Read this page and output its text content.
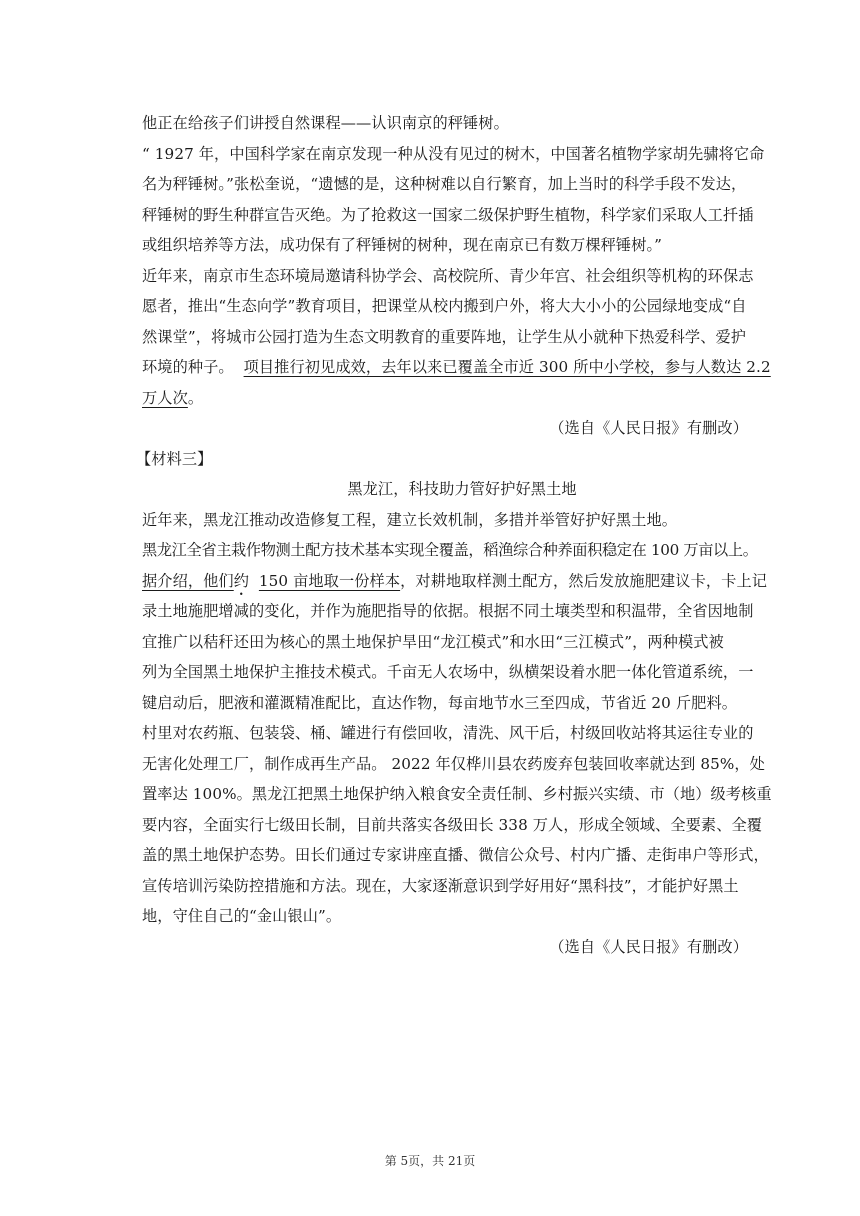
他正在给孩子们讲授自然课程——认识南京的秤锤树。
“ 1927 年，中国科学家在南京发现一种从没有见过的树木，中国著名植物学家胡先骕将它命
名为秤锤树。”张松奎说，“遗憾的是，这种树难以自行繁育，加上当时的科学手段不发达，
秤锤树的野生种群宣告灭绝。为了抢救这一国家二级保护野生植物，科学家们采取人工扦插
或组织培养等方法，成功保有了秤锤树的树种，现在南京已有数万棵秤锤树。”
近年来，南京市生态环境局邀请科协学会、高校院所、青少年宫、社会组织等机构的环保志
愿者，推出“生态向学”教育项目，把课堂从校内搬到户外，将大大小小的公园绿地变成“自
然课堂”，将城市公园打造为生态文明教育的重要阵地，让学生从小就种下热爱科学、爱护
环境的种子。  项目推行初见成效，去年以来已覆盖全市近 300 所中小学校，参与人数达 2.2
万人次。
（选自《人民日报》有删改）
【材料三】
黑龙江，科技助力管好护好黑土地
近年来，黑龙江推动改造修复工程，建立长效机制，多措并举管好护好黑土地。
黑龙江全省主栽作物测土配方技术基本实现全覆盖，稻渔综合种养面积稳定在 100 万亩以上。
据介绍，他们约 150 亩地取一份样本，对耕地取样测土配方，然后发放施肥建议卡，卡上记
录土地施肥增减的变化，并作为施肥指导的依据。根据不同土壤类型和积温带，全省因地制
宜推广以秸秆还田为核心的黑土地保护旱田“龙江模式”和水田“三江模式”，两种模式被
列为全国黑土地保护主推技术模式。千亩无人农场中，纵横架设着水肥一体化管道系统，一
键启动后，肥液和灌溉精准配比，直达作物，每亩地节水三至四成，节省近 20 斤肥料。
村里对农药瓶、包装袋、桶、罐进行有偿回收，清洗、风干后，村级回收站将其运往专业的
无害化处理工厂，制作成再生产品。 2022 年仅桦川县农药废弃包装回收率就达到 85%，处
置率达 100%。黑龙江把黑土地保护纳入粮食安全责任制、乡村振兴实绩、市（地）级考核重
要内容，全面实行七级田长制，目前共落实各级田长 338 万人，形成全领域、全要素、全覆
盖的黑土地保护态势。田长们通过专家讲座直播、微信公众号、村内广播、走街串户等形式，
宣传培训污染防控措施和方法。现在，大家逐渐意识到学好用好“黑科技”，才能护好黑土
地，守住自己的“金山银山”。
（选自《人民日报》有删改）
第 5页，共 21页
